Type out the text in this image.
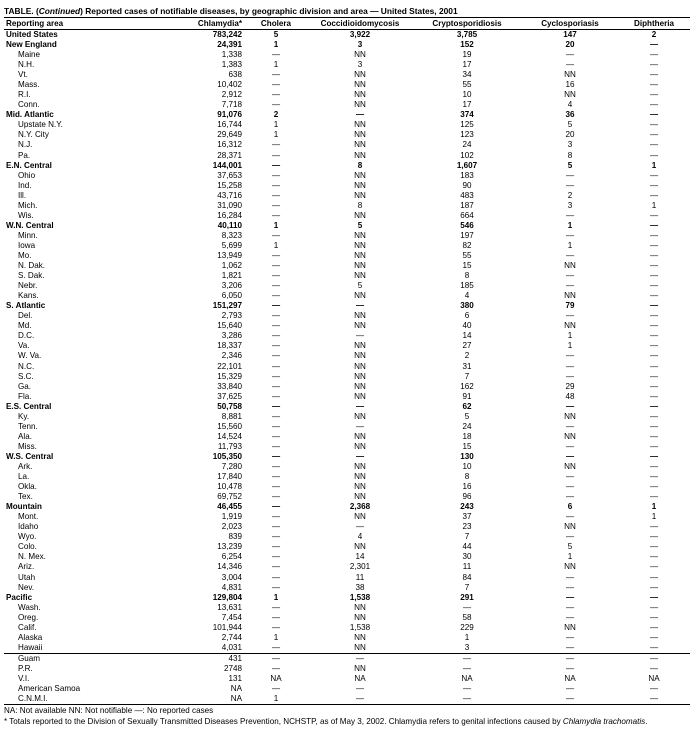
TABLE. (Continued) Reported cases of notifiable diseases, by geographic division and area — United States, 2001
Reporting area	Chlamydia*	Cholera	Coccidioidomycosis	Cryptosporidiosis	Cyclosporiasis	Diphtheria
United States	783,242	5	3,922	3,785	147	2
New England	24,391	1	3	152	20	—
Maine	1,338	—	NN	19	—	—
N.H.	1,383	1	3	17	—	—
Vt.	638	—	NN	34	NN	—
Mass.	10,402	—	NN	55	16	—
R.I.	2,912	—	NN	10	NN	—
Conn.	7,718	—	NN	17	4	—
Mid. Atlantic	91,076	2	—	374	36	—
Upstate N.Y.	16,744	1	NN	125	5	—
N.Y. City	29,649	1	NN	123	20	—
N.J.	16,312	—	NN	24	3	—
Pa.	28,371	—	NN	102	8	—
E.N. Central	144,001	—	8	1,607	5	1
Ohio	37,653	—	NN	183	—	—
Ind.	15,258	—	NN	90	—	—
Ill.	43,716	—	NN	483	2	—
Mich.	31,090	—	8	187	3	1
Wis.	16,284	—	NN	664	—	—
W.N. Central	40,110	1	5	546	1	—
Minn.	8,323	—	NN	197	—	—
Iowa	5,699	1	NN	82	1	—
Mo.	13,949	—	NN	55	—	—
N. Dak.	1,062	—	NN	15	NN	—
S. Dak.	1,821	—	NN	8	—	—
Nebr.	3,206	—	5	185	—	—
Kans.	6,050	—	NN	4	NN	—
S. Atlantic	151,297	—	—	380	79	—
Del.	2,793	—	NN	6	—	—
Md.	15,640	—	NN	40	NN	—
D.C.	3,286	—	—	14	1	—
Va.	18,337	—	NN	27	1	—
W. Va.	2,346	—	NN	2	—	—
N.C.	22,101	—	NN	31	—	—
S.C.	15,329	—	NN	7	—	—
Ga.	33,840	—	NN	162	29	—
Fla.	37,625	—	NN	91	48	—
E.S. Central	50,758	—	—	62	—	—
Ky.	8,881	—	NN	5	NN	—
Tenn.	15,560	—	—	24	—	—
Ala.	14,524	—	NN	18	NN	—
Miss.	11,793	—	NN	15	—	—
W.S. Central	105,350	—	—	130	—	—
Ark.	7,280	—	NN	10	NN	—
La.	17,840	—	NN	8	—	—
Okla.	10,478	—	NN	16	—	—
Tex.	69,752	—	NN	96	—	—
Mountain	46,455	—	2,368	243	6	1
Mont.	1,919	—	NN	37	—	1
Idaho	2,023	—	—	23	NN	—
Wyo.	839	—	4	7	—	—
Colo.	13,239	—	NN	44	5	—
N. Mex.	6,254	—	14	30	1	—
Ariz.	14,346	—	2,301	11	NN	—
Utah	3,004	—	11	84	—	—
Nev.	4,831	—	38	7	—	—
Pacific	129,804	1	1,538	291	—	—
Wash.	13,631	—	NN	—	—	—
Oreg.	7,454	—	NN	58	—	—
Calif.	101,944	—	1,538	229	NN	—
Alaska	2,744	1	NN	1	—	—
Hawaii	4,031	—	NN	3	—	—
Guam	431	—	—	—	—	—
P.R.	2748	—	NN	—	—	—
V.I.	131	NA	NA	NA	NA	NA
American Samoa	NA	—	—	—	—	—
C.N.M.I.	NA	1	—	—	—	—
NA: Not available NN: Not notifiable —: No reported cases
* Totals reported to the Division of Sexually Transmitted Diseases Prevention, NCHSTP, as of May 3, 2002. Chlamydia refers to genital infections caused by Chlamydia trachomatis.
